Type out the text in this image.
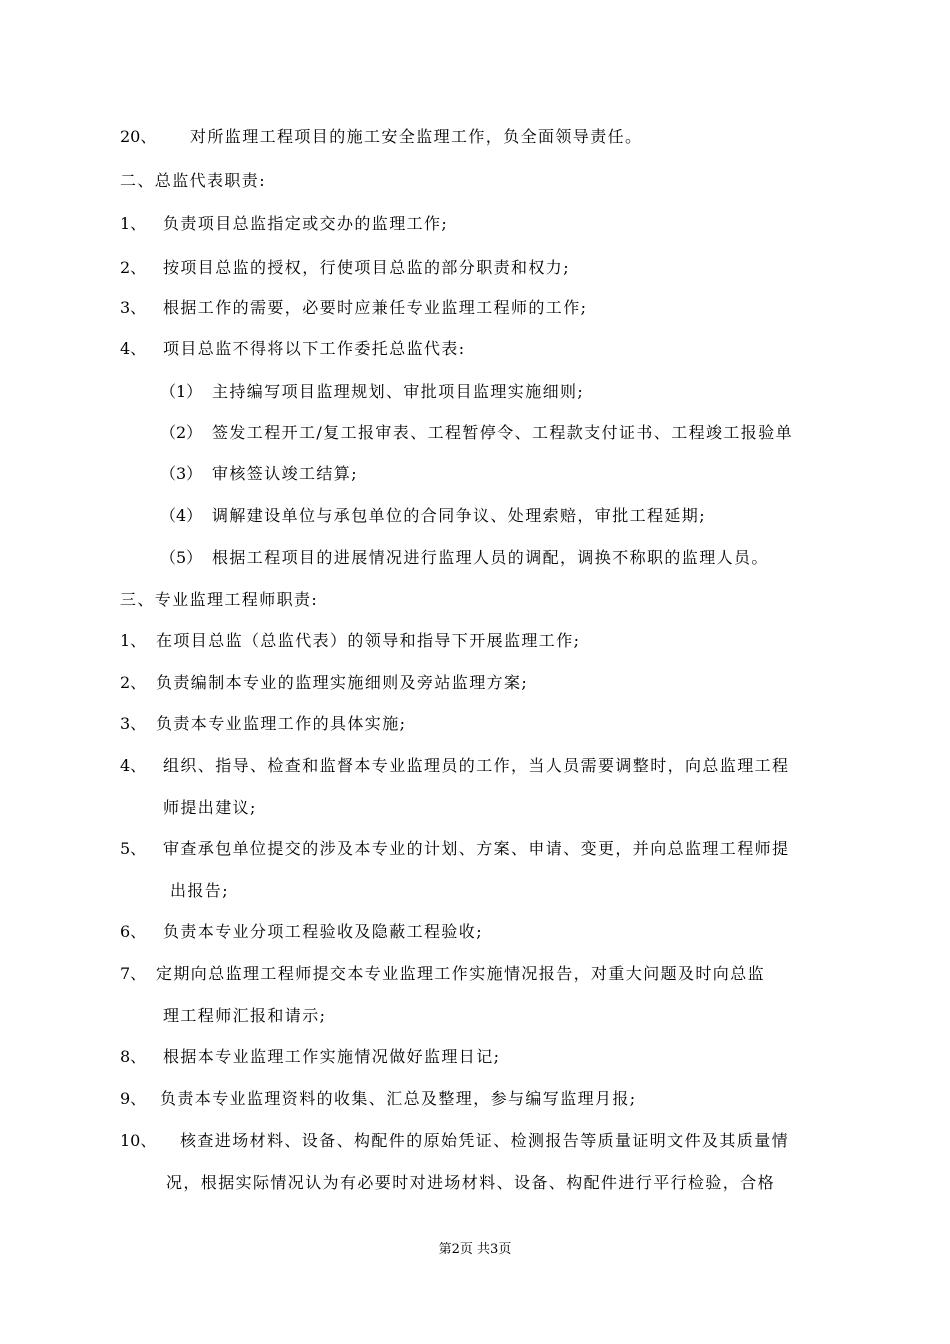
20、 对所监理工程项目的施工安全监理工作，负全面领导责任。
二、总监代表职责:
1、 负责项目总监指定或交办的监理工作;
2、 按项目总监的授权，行使项目总监的部分职责和权力;
3、 根据工作的需要，必要时应兼任专业监理工程师的工作;
4、 项目总监不得将以下工作委托总监代表:
（1） 主持编写项目监理规划、审批项目监理实施细则;
（2） 签发工程开工/复工报审表、工程暂停令、工程款支付证书、工程竣工报验单
（3） 审核签认竣工结算;
（4） 调解建设单位与承包单位的合同争议、处理索赔，审批工程延期;
（5） 根据工程项目的进展情况进行监理人员的调配，调换不称职的监理人员。
三、专业监理工程师职责:
1、 在项目总监（总监代表）的领导和指导下开展监理工作;
2、 负责编制本专业的监理实施细则及旁站监理方案;
3、 负责本专业监理工作的具体实施;
4、 组织、指导、检查和监督本专业监理员的工作，当人员需要调整时，向总监理工程
师提出建议;
5、 审查承包单位提交的涉及本专业的计划、方案、申请、变更，并向总监理工程师提
出报告;
6、 负责本专业分项工程验收及隐蔽工程验收;
7、 定期向总监理工程师提交本专业监理工作实施情况报告，对重大问题及时向总监
理工程师汇报和请示;
8、 根据本专业监理工作实施情况做好监理日记;
9、 负责本专业监理资料的收集、汇总及整理，参与编写监理月报;
10、 核查进场材料、设备、构配件的原始凭证、检测报告等质量证明文件及其质量情
况，根据实际情况认为有必要时对进场材料、设备、构配件进行平行检验，合格
第2页 共3页
